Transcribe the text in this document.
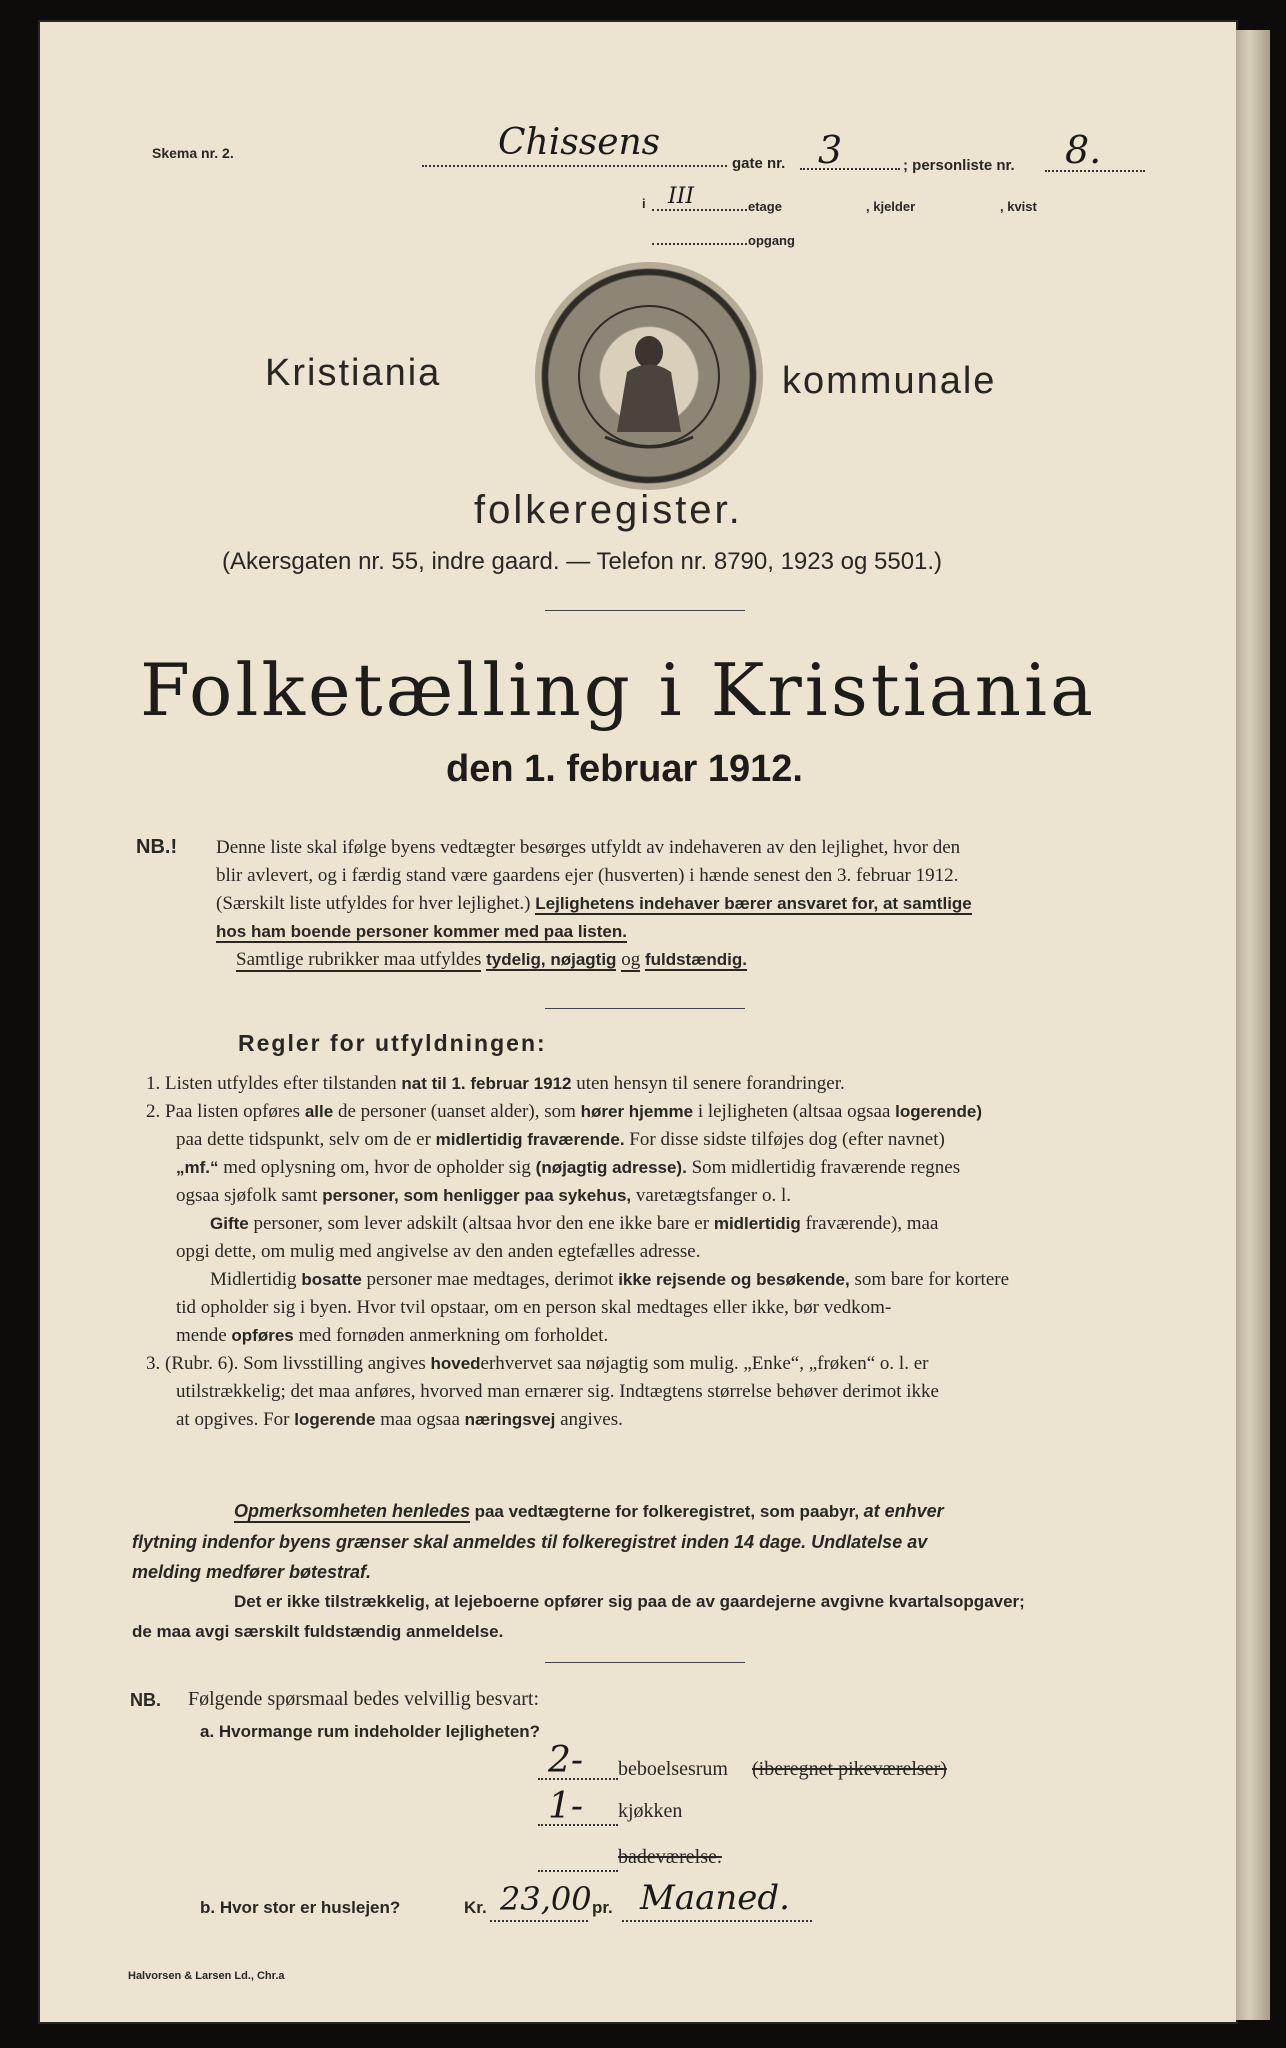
Skema nr. 2.	Chissens
gate nr. 3	; personliste nr. 8.
i III	etage	, kjelder	, kvist
opgang
Kristiania	kommunale
folkeregister.
(Akersgaten nr. 55, indre gaard. — Telefon nr. 8790, 1923 og 5501.)
Folketælling i Kristiania
den 1. februar 1912.
NB.! Denne liste skal ifølge byens vedtægter besørges utfyldt av indehaveren av den lejlighet, hvor den

blir avlevert, og i færdig stand være gaardens ejer (husverten) i hænde senest den 3. februar 1912.

(Særskilt liste utfyldes for hver lejlighet.) Lejlighetens indehaver bærer ansvaret for, at samtlige

hos ham boende personer kommer med paa listen.

Samtlige rubrikker maa utfyldes tydelig, nøjagtig og fuldstændig.

Regler for utfyldningen:

1. Listen utfyldes efter tilstanden nat til 1. februar 1912 uten hensyn til senere forandringer.

2. Paa listen opføres alle de personer (uanset alder), som hører hjemme i lejligheten (altsaa ogsaa logerende)

paa dette tidspunkt, selv om de er midlertidig fraværende. For disse sidste tilføjes dog (efter navnet)

„mf.“ med oplysning om, hvor de opholder sig (nøjagtig adresse). Som midlertidig fraværende regnes

ogsaa sjøfolk samt personer, som henligger paa sykehus, varetægtsfanger o. l.

Gifte personer, som lever adskilt (altsaa hvor den ene ikke bare er midlertidig fraværende), maa

opgi dette, om mulig med angivelse av den anden egtefælles adresse.

Midlertidig bosatte personer mae medtages, derimot ikke rejsende og besøkende, som bare for kortere

tid opholder sig i byen. Hvor tvil opstaar, om en person skal medtages eller ikke, bør vedkom-

mende opføres med fornøden anmerkning om forholdet.

3. (Rubr. 6). Som livsstilling angives hovederhvervet saa nøjagtig som mulig. „Enke“, „frøken“ o. l. er

utilstrækkelig; det maa anføres, hvorved man ernærer sig. Indtægtens størrelse behøver derimot ikke

at opgives. For logerende maa ogsaa næringsvej angives.

Opmerksomheten henledes paa vedtægterne for folkeregistret, som paabyr, at enhver

flytning indenfor byens grænser skal anmeldes til folkeregistret inden 14 dage. Undlatelse av

melding medfører bøtestraf.

Det er ikke tilstrækkelig, at lejeboerne opfører sig paa de av gaardejerne avgivne kvartalsopgaver;

de maa avgi særskilt fuldstændig anmeldelse.

NB. Følgende spørsmaal bedes velvillig besvart:
a. Hvormange rum indeholder lejligheten?
2- beboelsesrum (iberegnet pikeværelser)
1- kjøkken
badeværelse.
b. Hvor stor er huslejen?	Kr. 23,00 pr. Maaned.
Halvorsen & Larsen Ld., Chr.a
